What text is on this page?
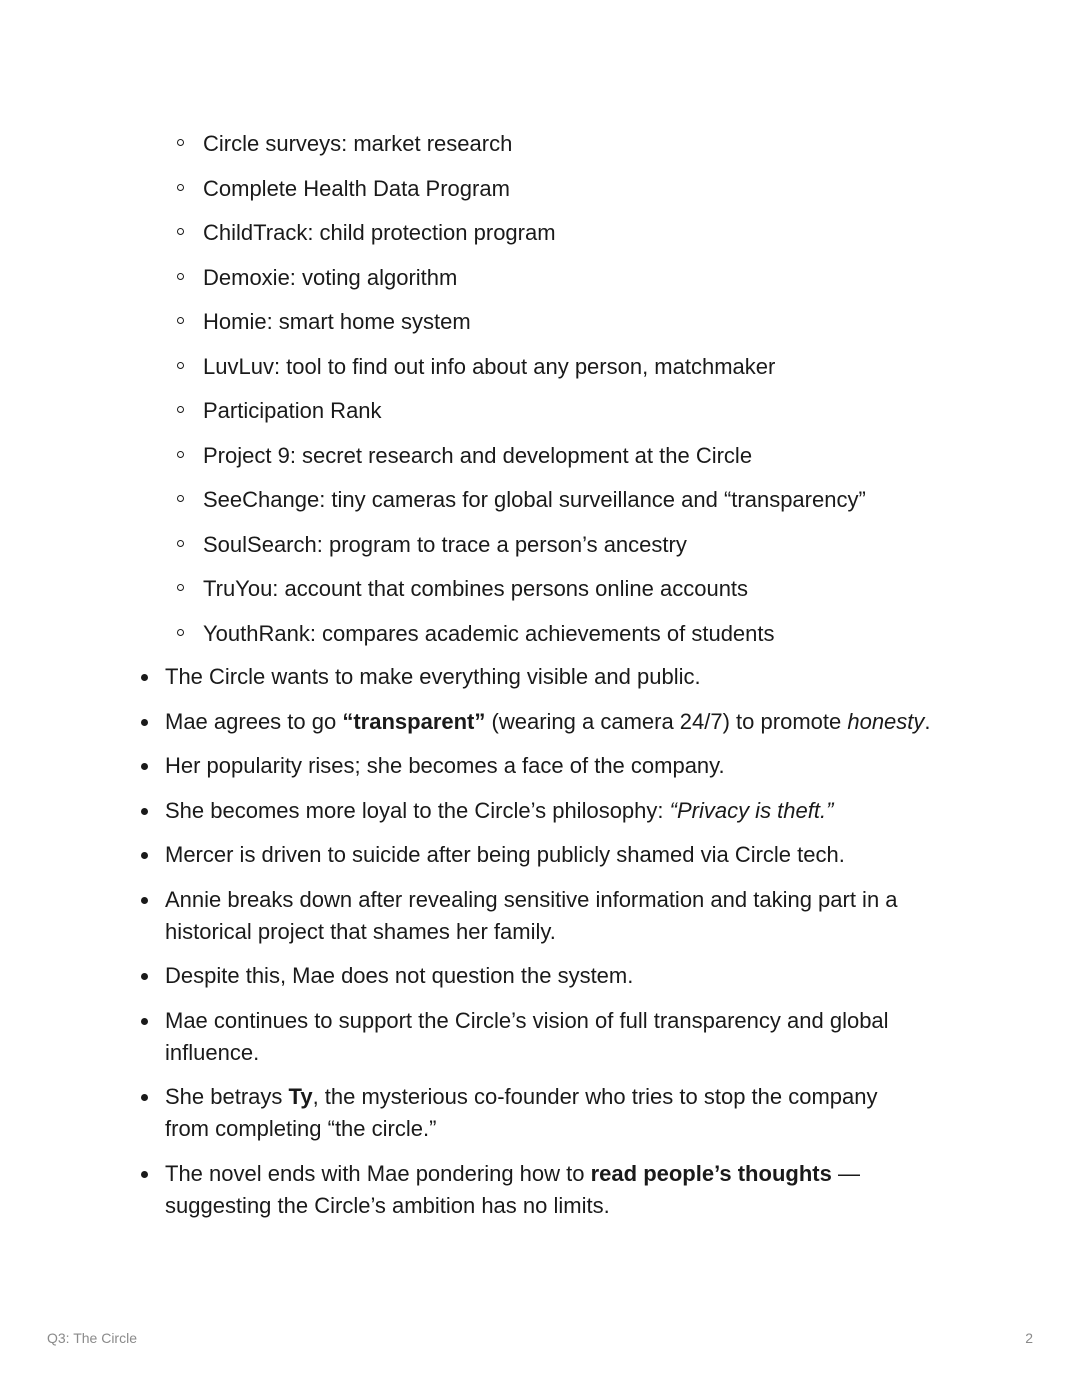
Circle surveys: market research
Complete Health Data Program
ChildTrack: child protection program
Demoxie: voting algorithm
Homie: smart home system
LuvLuv: tool to find out info about any person, matchmaker
Participation Rank
Project 9: secret research and development at the Circle
SeeChange: tiny cameras for global surveillance and “transparency”
SoulSearch: program to trace a person’s ancestry
TruYou: account that combines persons online accounts
YouthRank: compares academic achievements of students
The Circle wants to make everything visible and public.
Mae agrees to go “transparent” (wearing a camera 24/7) to promote honesty.
Her popularity rises; she becomes a face of the company.
She becomes more loyal to the Circle’s philosophy: “Privacy is theft.”
Mercer is driven to suicide after being publicly shamed via Circle tech.
Annie breaks down after revealing sensitive information and taking part in a
historical project that shames her family.
Despite this, Mae does not question the system.
Mae continues to support the Circle’s vision of full transparency and global
influence.
She betrays Ty, the mysterious co-founder who tries to stop the company
from completing “the circle.”
The novel ends with Mae pondering how to read people’s thoughts —
suggesting the Circle’s ambition has no limits.
Q3: The Circle	2
